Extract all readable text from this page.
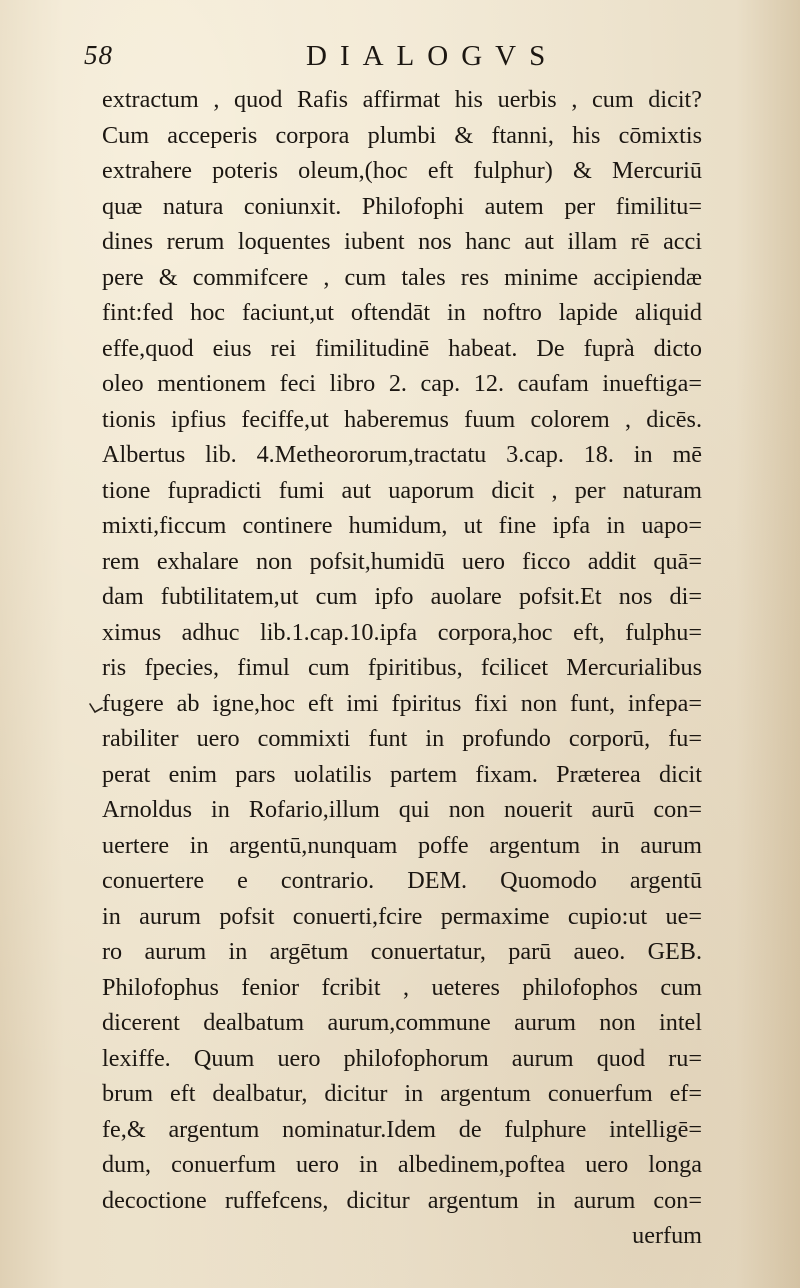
58	DIALOGVS
extractum , quod Rafis affirmat his uerbis , cum dicit?
Cum acceperis corpora plumbi & ftanni, his cōmixtis
extrahere poteris oleum,(hoc eft fulphur) & Mercuriū
quæ natura coniunxit. Philofophi autem per fimilitu=
dines rerum loquentes iubent nos hanc aut illam rē acci
pere & commifcere , cum tales res minime accipiendæ
fint:fed hoc faciunt,ut oftendāt in noftro lapide aliquid
effe,quod eius rei fimilitudinē habeat. De fuprà dicto
oleo mentionem feci libro 2. cap. 12. caufam inueftiga=
tionis ipfius feciffe,ut haberemus fuum colorem , dicēs.
Albertus lib. 4.Metheororum,tractatu 3.cap. 18. in mē
tione fupradicti fumi aut uaporum dicit , per naturam
mixti,ficcum continere humidum, ut fine ipfa in uapo=
rem exhalare non pofsit,humidū uero ficco addit quā=
dam fubtilitatem,ut cum ipfo auolare pofsit.Et nos di=
ximus adhuc lib.1.cap.10.ipfa corpora,hoc eft, fulphu=
ris fpecies, fimul cum fpiritibus, fcilicet Mercurialibus
fugere ab igne,hoc eft imi fpiritus fixi non funt, infepa=
rabiliter uero commixti funt in profundo corporū, fu=
perat enim pars uolatilis partem fixam. Præterea dicit
Arnoldus in Rofario,illum qui non nouerit aurū con=
uertere in argentū,nunquam poffe argentum in aurum
conuertere e contrario. DEM. Quomodo argentū
in aurum pofsit conuerti,fcire permaxime cupio:ut ue=
ro aurum in argētum conuertatur, parū aueo. GEB.
Philofophus fenior fcribit , ueteres philofophos cum
dicerent dealbatum aurum,commune aurum non intel
lexiffe. Quum uero philofophorum aurum quod ru=
brum eft dealbatur, dicitur in argentum conuerfum ef=
fe,& argentum nominatur.Idem de fulphure intelligē=
dum, conuerfum uero in albedinem,poftea uero longa
decoctione ruffefcens, dicitur argentum in aurum con=
uerfum
